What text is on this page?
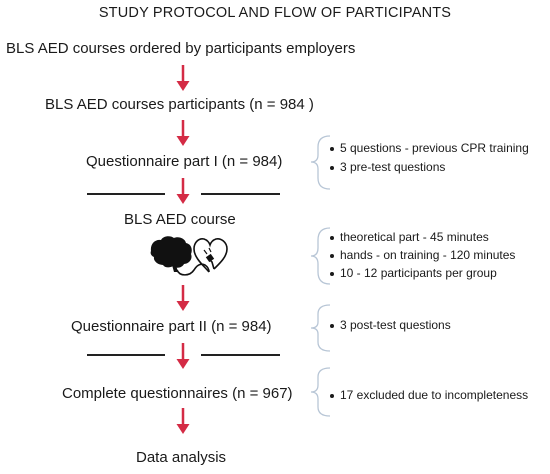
STUDY PROTOCOL AND FLOW OF PARTICIPANTS
BLS AED courses ordered by participants employers
BLS AED courses participants (n = 984 )
Questionnaire part I (n = 984)
BLS AED course
Questionnaire part II (n = 984)
Complete questionnaires (n = 967)
Data analysis
5 questions - previous CPR training
3 pre-test questions
theoretical part - 45 minutes
hands - on training - 120 minutes
10 - 12 participants per group
3 post-test questions
17 excluded due to incompleteness
